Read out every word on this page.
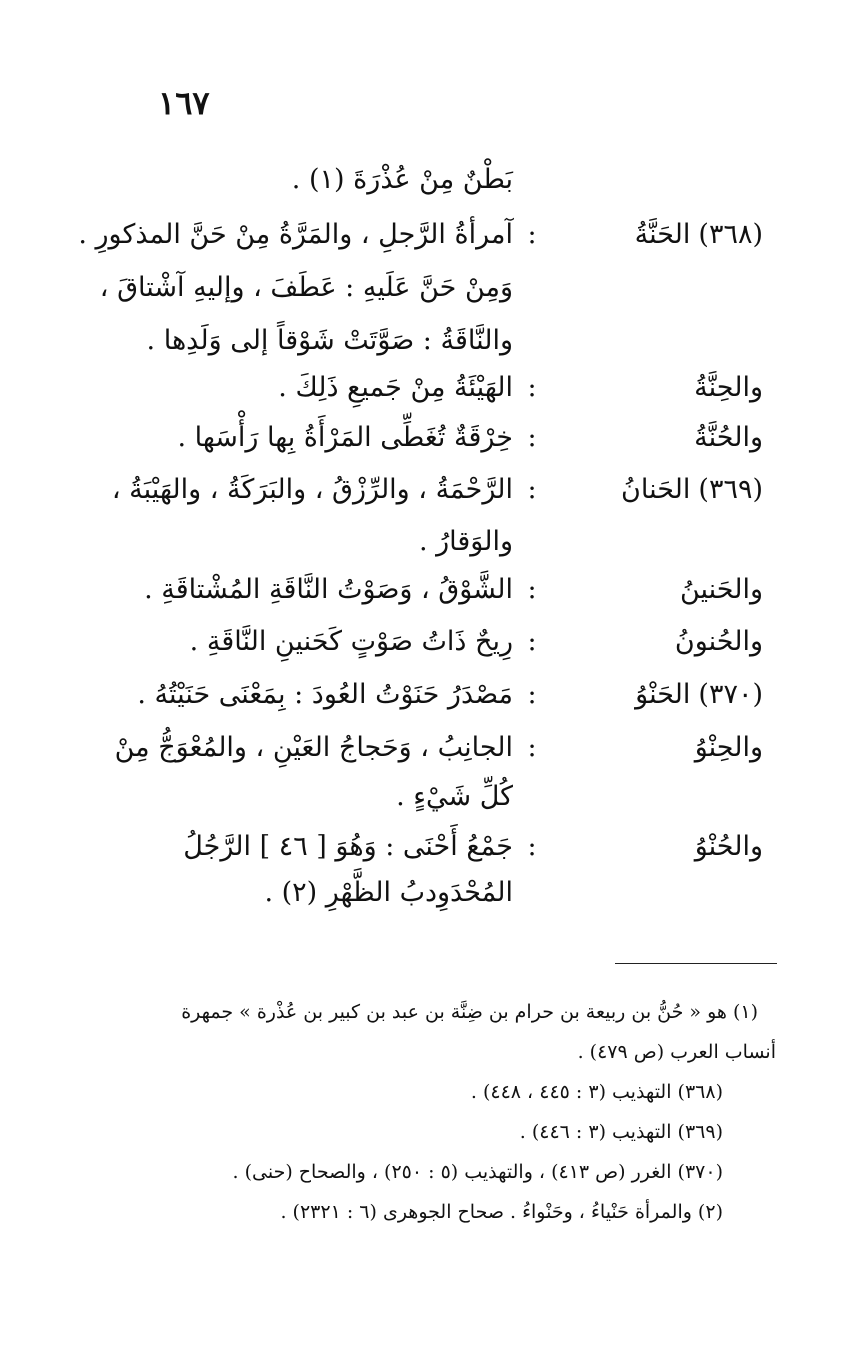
١٦٧
بَطْنٌ مِنْ عُذْرَةَ (١) .
(٣٦٨)الحَنَّةُ
:
آمرأةُ الرَّجلِ ، والمَرَّةُ مِنْ حَنَّ المذكورِ .
وَمِنْ حَنَّ عَلَيهِ : عَطَفَ ، وإليهِ آشْتاقَ ،
والنَّاقَةُ : صَوَّتَتْ شَوْقاً إلى وَلَدِها .
والحِنَّةُ
:
الهَيْئَةُ مِنْ جَميعِ ذَلِكَ .
والحُنَّةُ
:
خِرْقَةٌ تُغَطِّى المَرْأَةُ بِها رَأْسَها .
(٣٦٩)الحَنانُ
:
الرَّحْمَةُ ، والرِّزْقُ ، والبَرَكَةُ ، والهَيْبَةُ ،
والوَقارُ .
والحَنينُ
:
الشَّوْقُ ، وَصَوْتُ النَّاقَةِ المُشْتاقَةِ .
والحُنونُ
:
رِيحٌ ذَاتُ صَوْتٍ كَحَنينِ النَّاقَةِ .
(٣٧٠)الحَنْوُ
:
مَصْدَرُ حَنَوْتُ العُودَ : بِمَعْنَى حَنَيْتُهُ .
والحِنْوُ
:
الجانِبُ ، وَحَجاجُ العَيْنِ ، والمُعْوَجُّ مِنْ
كُلِّ شَيْءٍ .
والحُنْوُ
:
جَمْعُ أَحْنَى : وَهُوَ [ ٤٦ ] الرَّجُلُ
المُحْدَوِدبُ الظَّهْرِ (٢) .
(١) هو « حُنُّ بن ربيعة بن حرام بن ضِنَّة بن عبد بن كبير بن عُذْرة » جمهرة
أنساب العرب (ص ٤٧٩) .
(٣٦٨) التهذيب (٣ : ٤٤٥ ، ٤٤٨) .
(٣٦٩) التهذيب (٣ : ٤٤٦) .
(٣٧٠) الغرر (ص ٤١٣) ، والتهذيب (٥ : ٢٥٠) ، والصحاح (حنى) .
(٢) والمرأة حَنْياءُ ، وحَنْواءُ . صحاح الجوهرى (٦ : ٢٣٢١) .
